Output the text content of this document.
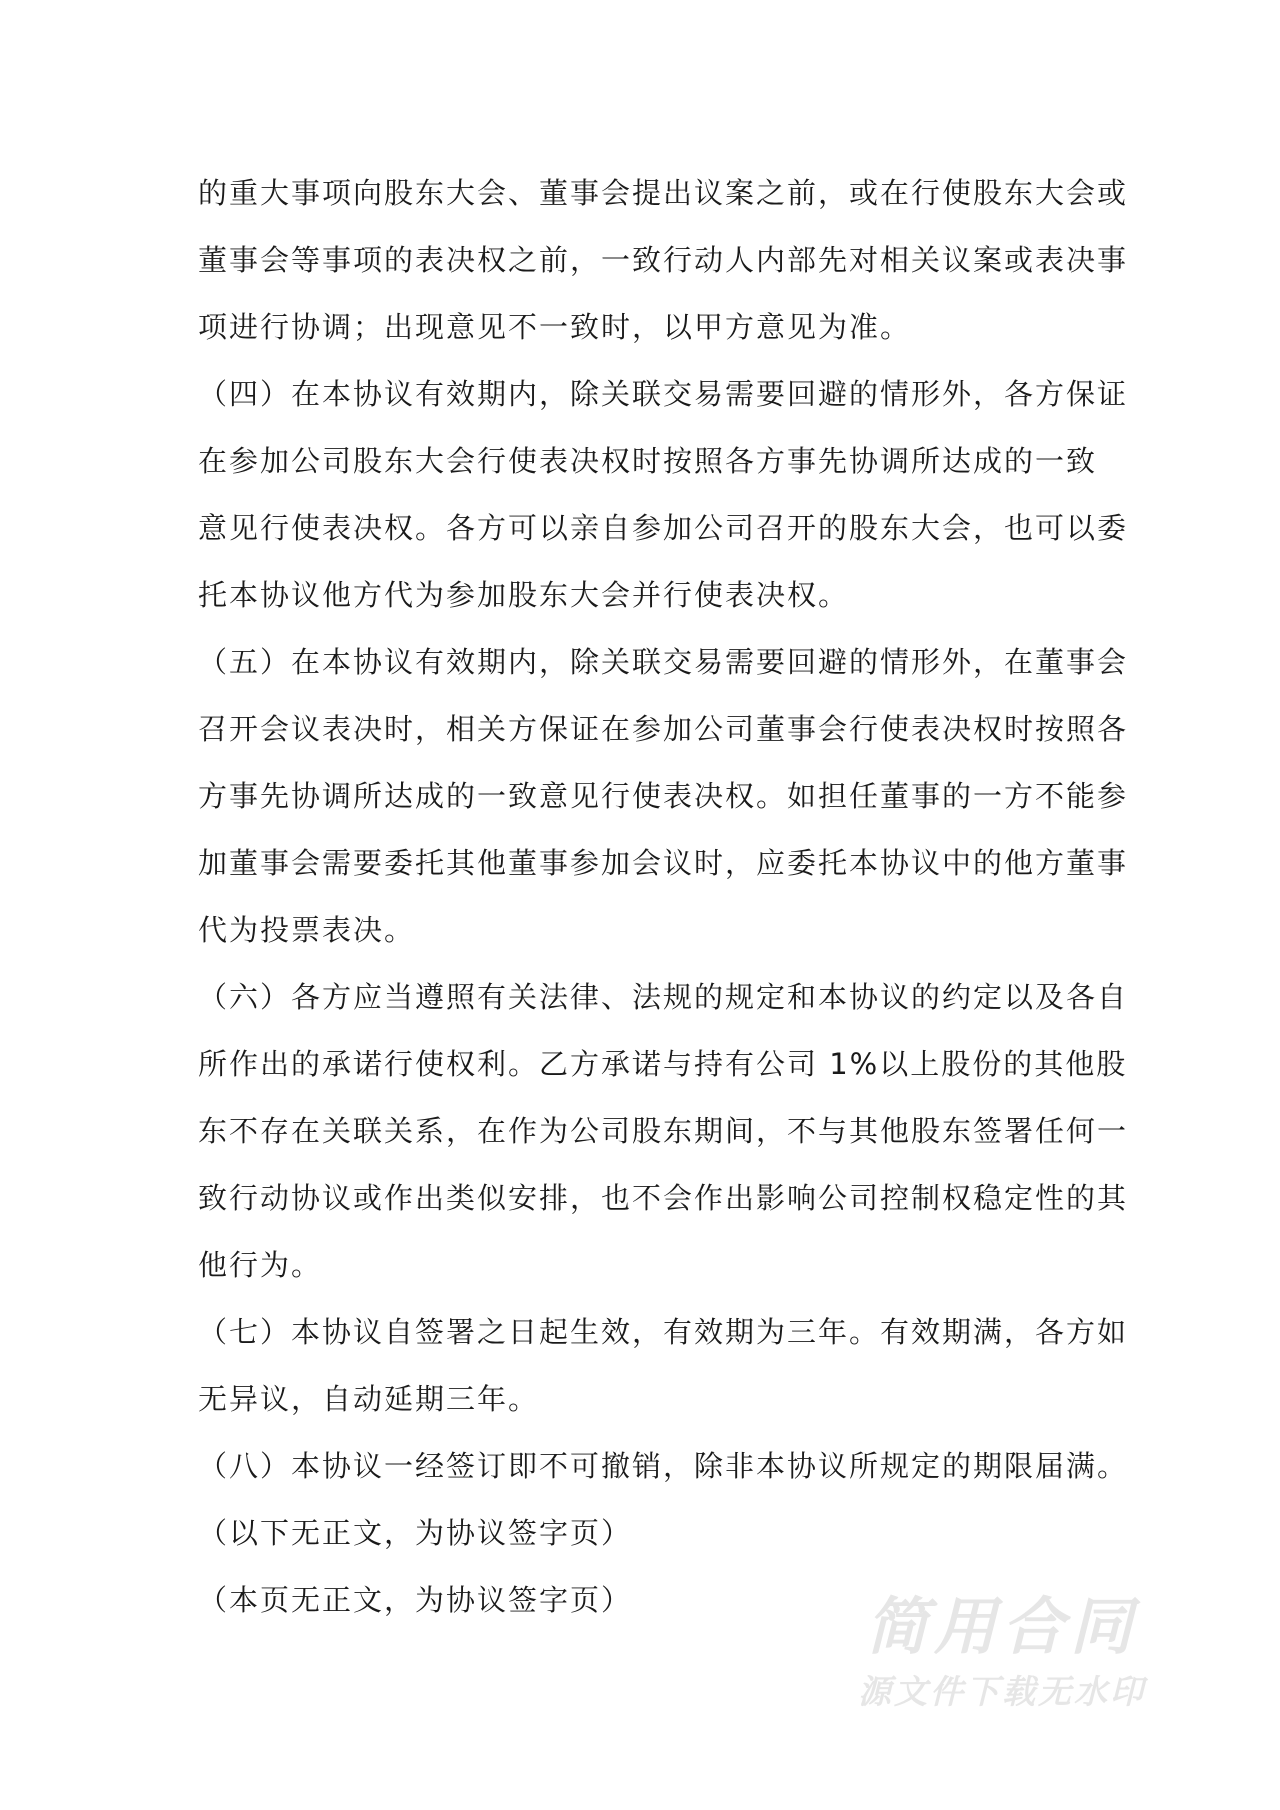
的重大事项向股东大会、董事会提出议案之前，或在行使股东大会或
董事会等事项的表决权之前，一致行动人内部先对相关议案或表决事
项进行协调；出现意见不一致时，以甲方意见为准。
（四）在本协议有效期内，除关联交易需要回避的情形外，各方保证
在参加公司股东大会行使表决权时按照各方事先协调所达成的一致
意见行使表决权。各方可以亲自参加公司召开的股东大会，也可以委
托本协议他方代为参加股东大会并行使表决权。
（五）在本协议有效期内，除关联交易需要回避的情形外，在董事会
召开会议表决时，相关方保证在参加公司董事会行使表决权时按照各
方事先协调所达成的一致意见行使表决权。如担任董事的一方不能参
加董事会需要委托其他董事参加会议时，应委托本协议中的他方董事
代为投票表决。
（六）各方应当遵照有关法律、法规的规定和本协议的约定以及各自
所作出的承诺行使权利。乙方承诺与持有公司 1%以上股份的其他股
东不存在关联关系，在作为公司股东期间，不与其他股东签署任何一
致行动协议或作出类似安排，也不会作出影响公司控制权稳定性的其
他行为。
（七）本协议自签署之日起生效，有效期为三年。有效期满，各方如
无异议，自动延期三年。
（八）本协议一经签订即不可撤销，除非本协议所规定的期限届满。
（以下无正文，为协议签字页）
（本页无正文，为协议签字页）	简用合同
源文件下载无水印
